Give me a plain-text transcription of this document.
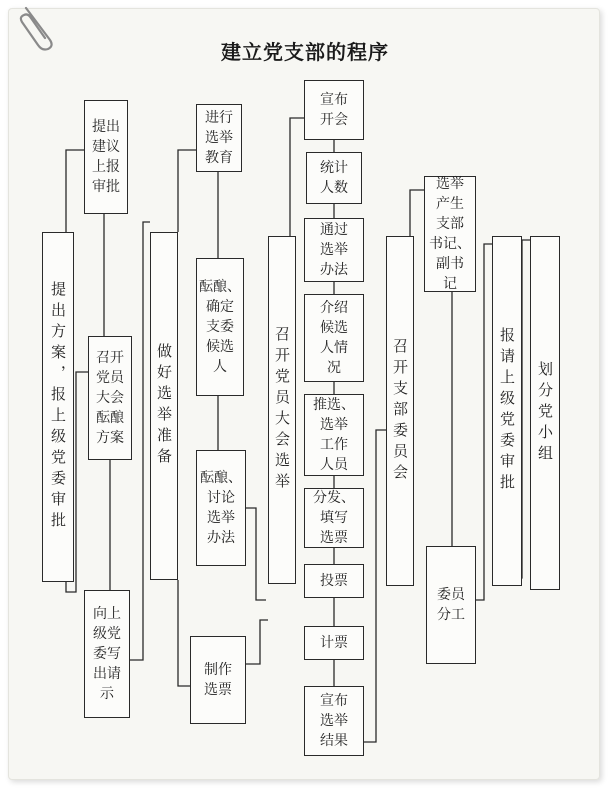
建立党支部的程序
提出方案，报上级党委审批
提出
建议
上报
审批
召开
党员
大会
酝酿
方案
向上
级党
委写
出请
示
做好选举准备
进行
选举
教育
酝酿、
确定
支委
候选
人
酝酿、
讨论
选举
办法
制作
选票
召开党员大会选举
宣布
开会
统计
人数
通过
选举
办法
介绍
候选
人情
况
推选、
选举
工作
人员
分发、
填写
选票
投票
计票
宣布
选举
结果
召开支部委员会
选举
产生
支部
书记、
副书
记
委员
分工
报请上级党委审批 划分党小组
